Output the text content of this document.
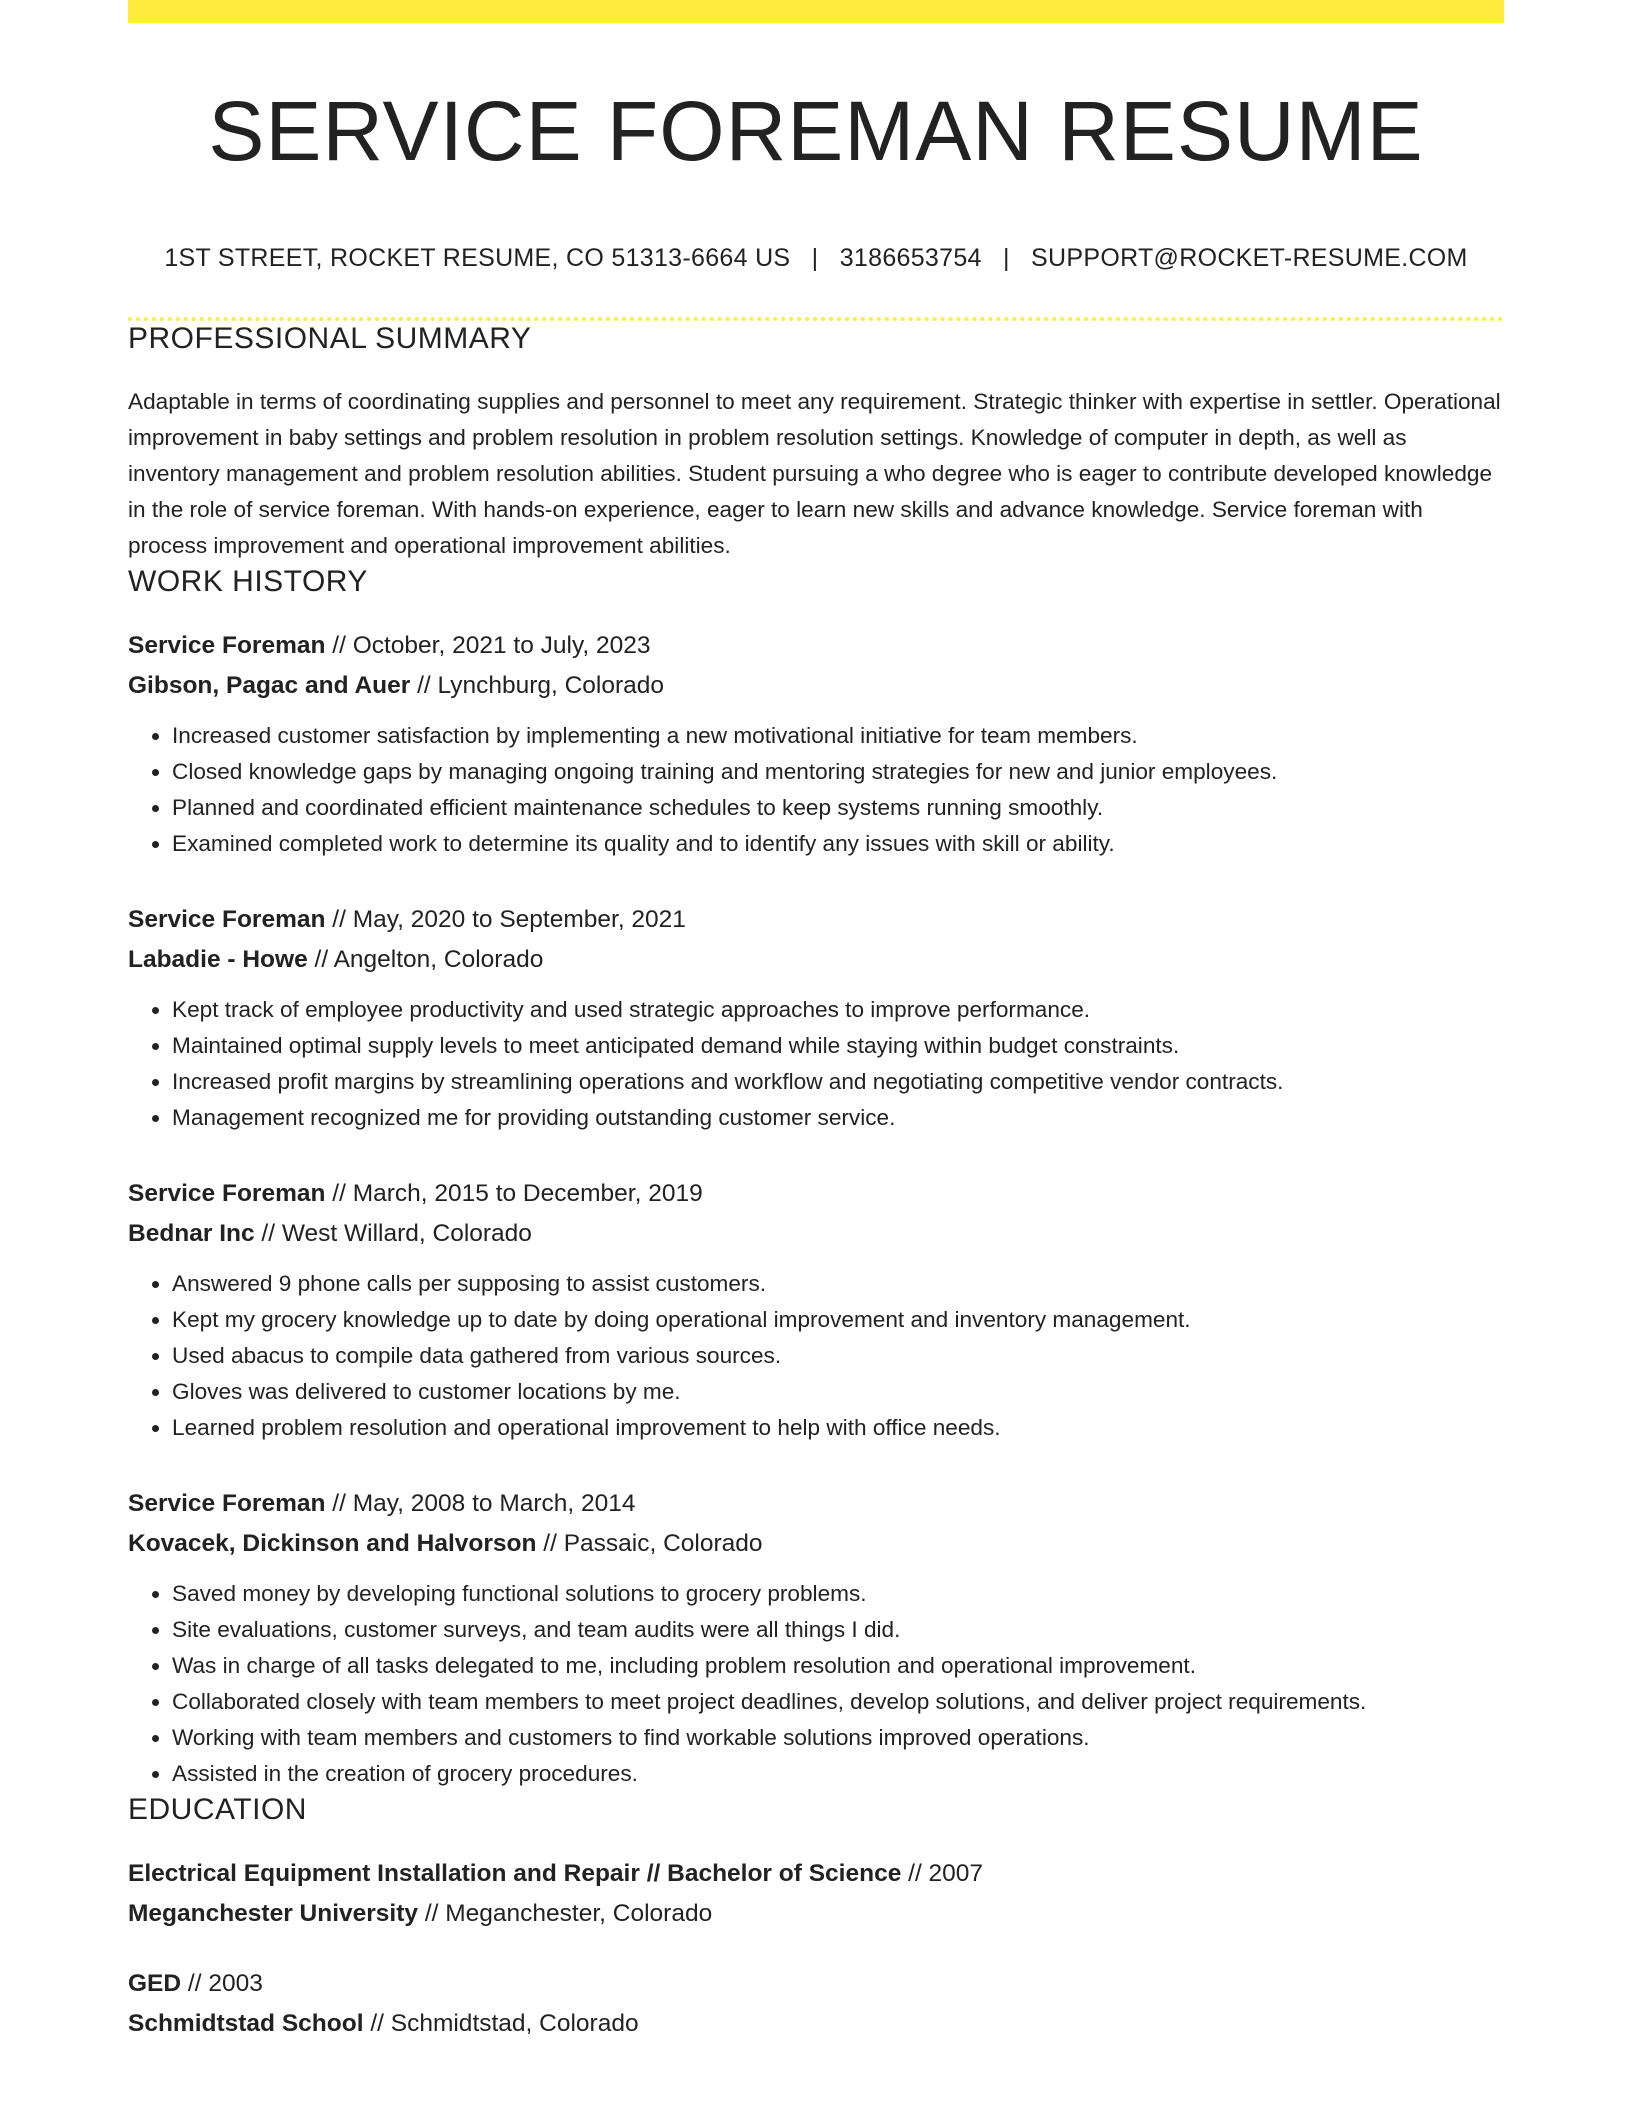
SERVICE FOREMAN RESUME
1ST STREET, ROCKET RESUME, CO 51313-6664 US | 3186653754 | SUPPORT@ROCKET-RESUME.COM
PROFESSIONAL SUMMARY

Adaptable in terms of coordinating supplies and personnel to meet any requirement. Strategic thinker with expertise in settler. Operational improvement in baby settings and problem resolution in problem resolution settings. Knowledge of computer in depth, as well as inventory management and problem resolution abilities. Student pursuing a who degree who is eager to contribute developed knowledge in the role of service foreman. With hands-on experience, eager to learn new skills and advance knowledge. Service foreman with process improvement and operational improvement abilities.

WORK HISTORY
Service Foreman // October, 2021 to July, 2023
Gibson, Pagac and Auer // Lynchburg, Colorado
• Increased customer satisfaction by implementing a new motivational initiative for team members.
• Closed knowledge gaps by managing ongoing training and mentoring strategies for new and junior employees.
• Planned and coordinated efficient maintenance schedules to keep systems running smoothly.
• Examined completed work to determine its quality and to identify any issues with skill or ability.
Service Foreman // May, 2020 to September, 2021
Labadie - Howe // Angelton, Colorado
• Kept track of employee productivity and used strategic approaches to improve performance.
• Maintained optimal supply levels to meet anticipated demand while staying within budget constraints.
• Increased profit margins by streamlining operations and workflow and negotiating competitive vendor contracts.
• Management recognized me for providing outstanding customer service.
Service Foreman // March, 2015 to December, 2019
Bednar Inc // West Willard, Colorado
• Answered 9 phone calls per supposing to assist customers.
• Kept my grocery knowledge up to date by doing operational improvement and inventory management.
• Used abacus to compile data gathered from various sources.
• Gloves was delivered to customer locations by me.
• Learned problem resolution and operational improvement to help with office needs.
Service Foreman // May, 2008 to March, 2014
Kovacek, Dickinson and Halvorson // Passaic, Colorado
• Saved money by developing functional solutions to grocery problems.
• Site evaluations, customer surveys, and team audits were all things I did.
• Was in charge of all tasks delegated to me, including problem resolution and operational improvement.
• Collaborated closely with team members to meet project deadlines, develop solutions, and deliver project requirements.
• Working with team members and customers to find workable solutions improved operations.
• Assisted in the creation of grocery procedures.
EDUCATION
Electrical Equipment Installation and Repair // Bachelor of Science // 2007
Meganchester University // Meganchester, Colorado
GED // 2003
Schmidtstad School // Schmidtstad, Colorado
